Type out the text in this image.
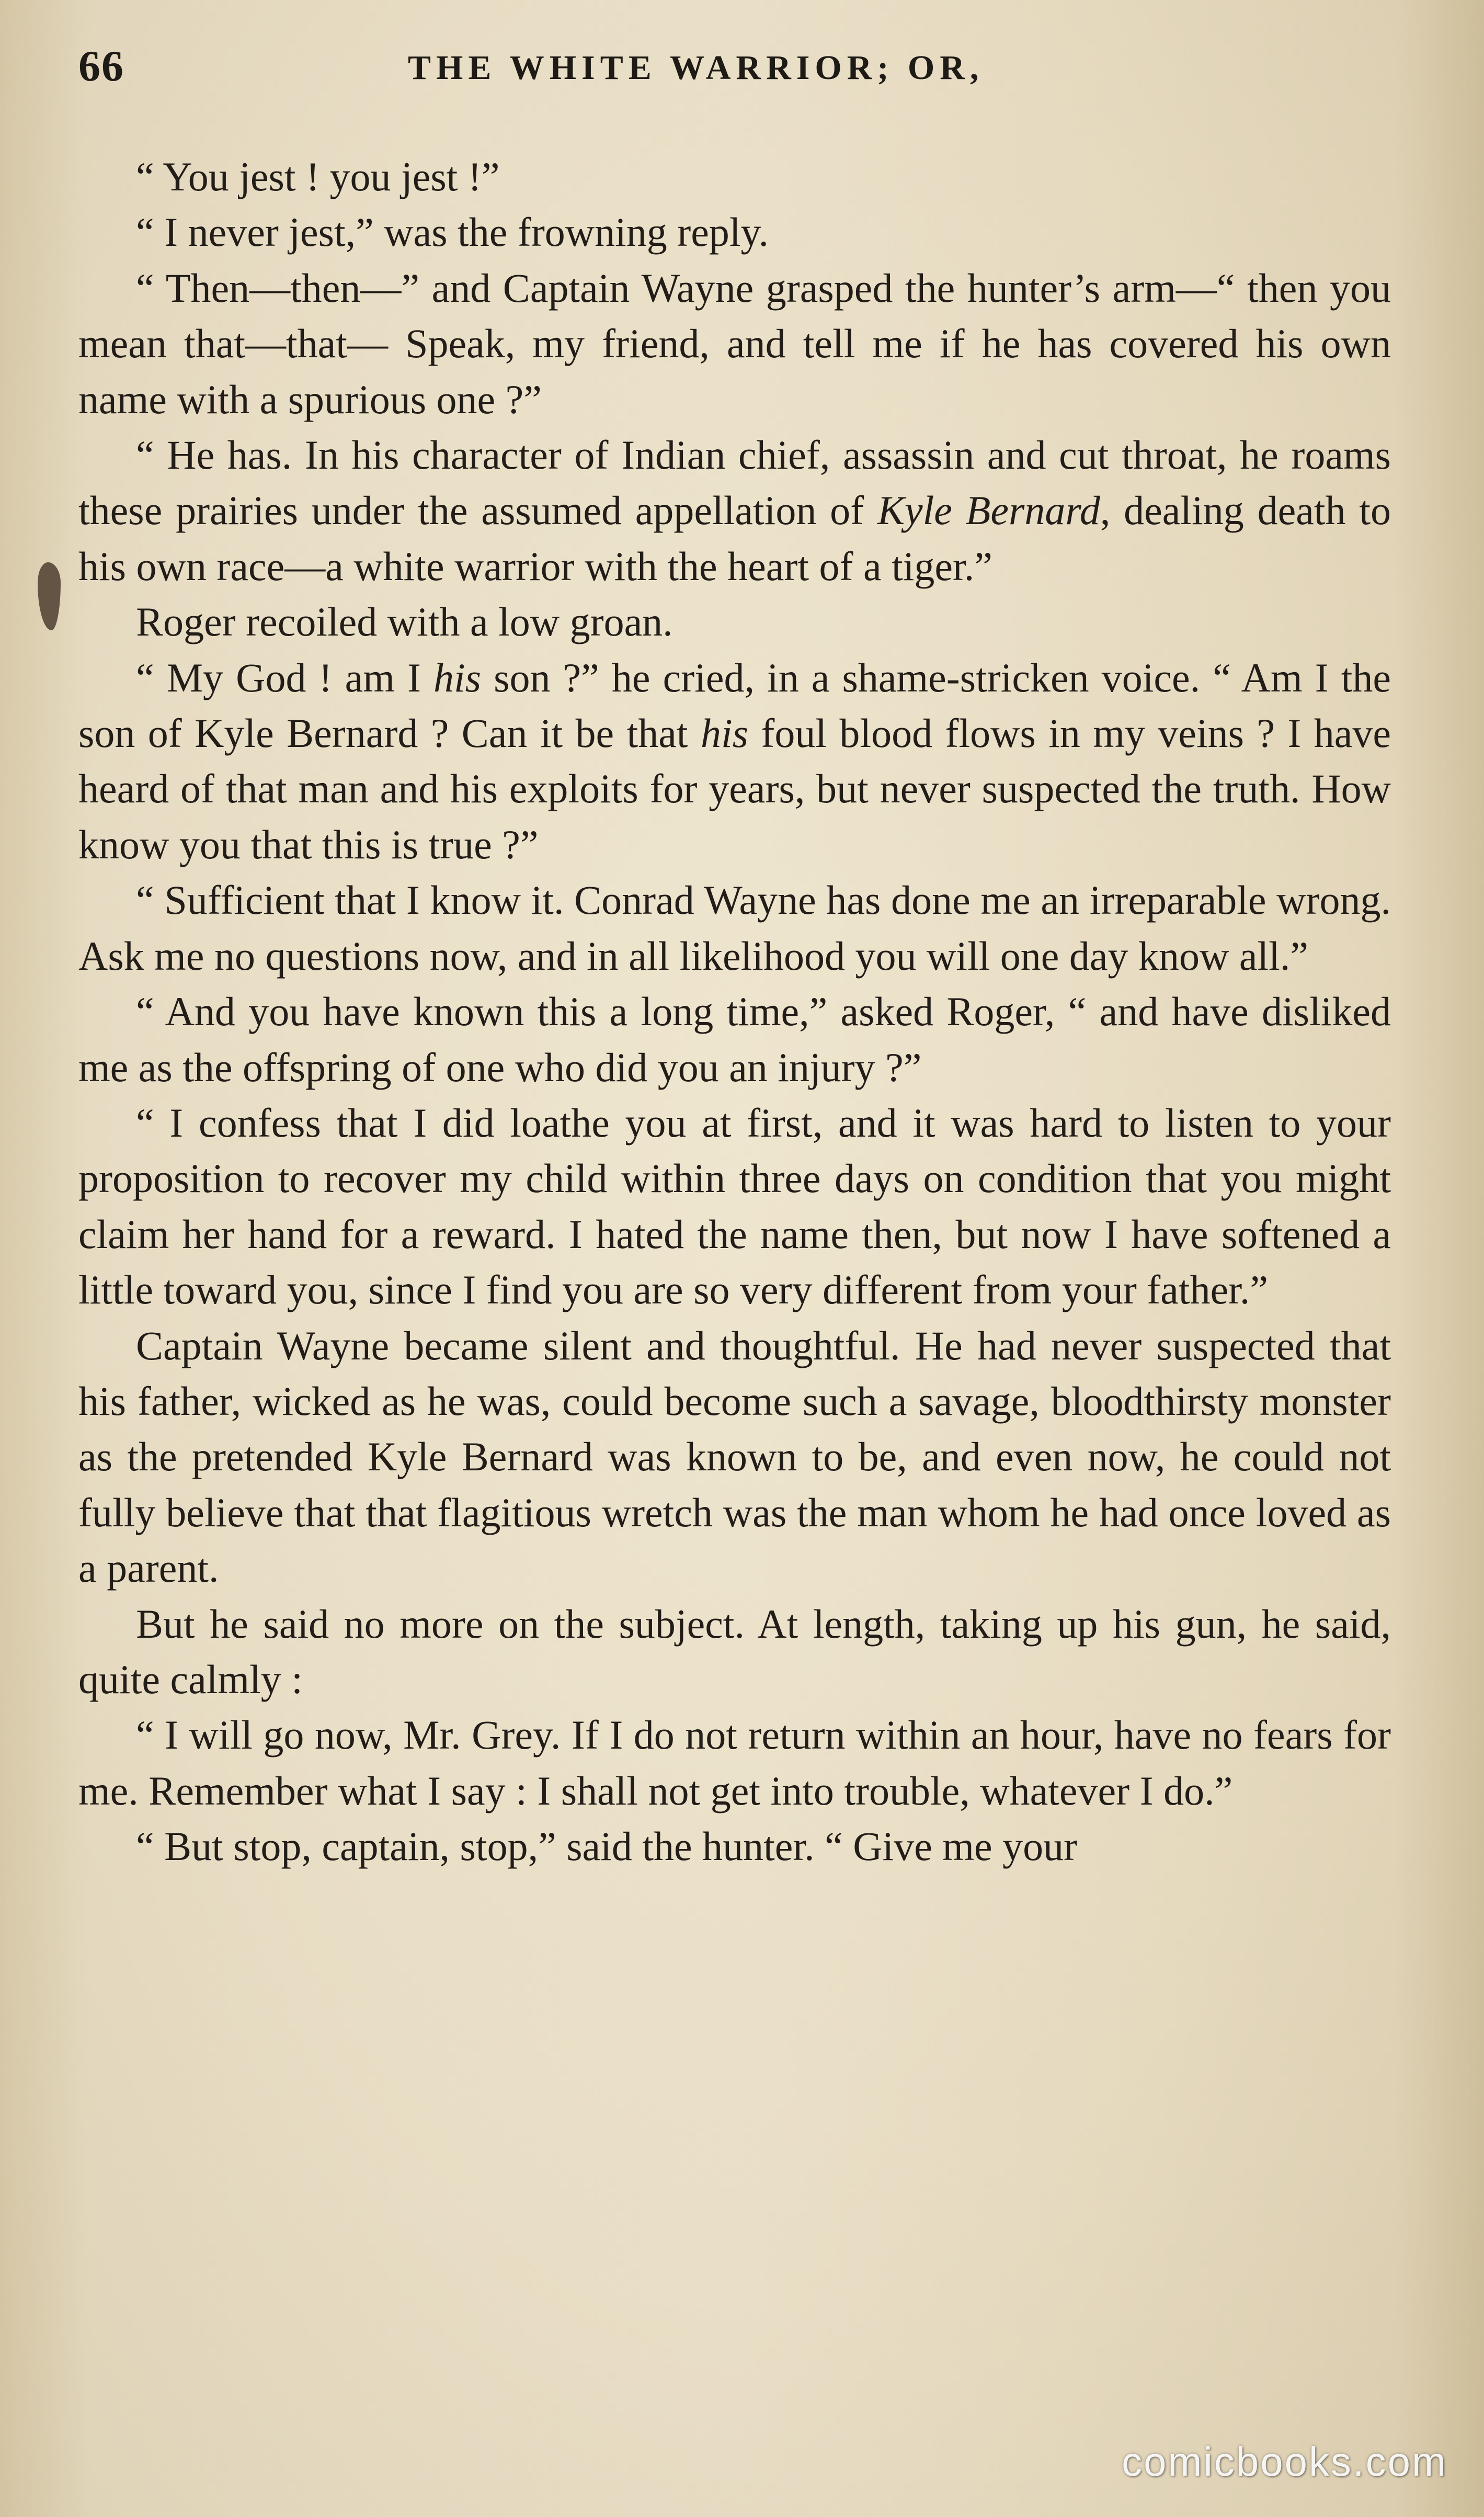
66	THE WHITE WARRIOR; OR,

“ You jest ! you jest !”

“ I never jest,” was the frowning reply.

“ Then—then—” and Captain Wayne grasped the hunter’s arm—“ then you mean that—that— Speak, my friend, and tell me if he has covered his own name with a spurious one ?”

“ He has. In his character of Indian chief, assassin and cut throat, he roams these prairies under the assumed appellation of Kyle Bernard, dealing death to his own race—a white warrior with the heart of a tiger.”

Roger recoiled with a low groan.

“ My God ! am I his son ?” he cried, in a shame-stricken voice. “ Am I the son of Kyle Bernard ? Can it be that his foul blood flows in my veins ? I have heard of that man and his exploits for years, but never suspected the truth. How know you that this is true ?”

“ Sufficient that I know it. Conrad Wayne has done me an irreparable wrong. Ask me no questions now, and in all likelihood you will one day know all.”

“ And you have known this a long time,” asked Roger, “ and have disliked me as the offspring of one who did you an injury ?”

“ I confess that I did loathe you at first, and it was hard to listen to your proposition to recover my child within three days on condition that you might claim her hand for a reward. I hated the name then, but now I have softened a little toward you, since I find you are so very different from your father.”

Captain Wayne became silent and thoughtful. He had never suspected that his father, wicked as he was, could become such a savage, bloodthirsty monster as the pretended Kyle Bernard was known to be, and even now, he could not fully believe that that flagitious wretch was the man whom he had once loved as a parent.

But he said no more on the subject. At length, taking up his gun, he said, quite calmly :

“ I will go now, Mr. Grey. If I do not return within an hour, have no fears for me. Remember what I say : I shall not get into trouble, whatever I do.”

“ But stop, captain, stop,” said the hunter. “ Give me your

comicbooks.com
